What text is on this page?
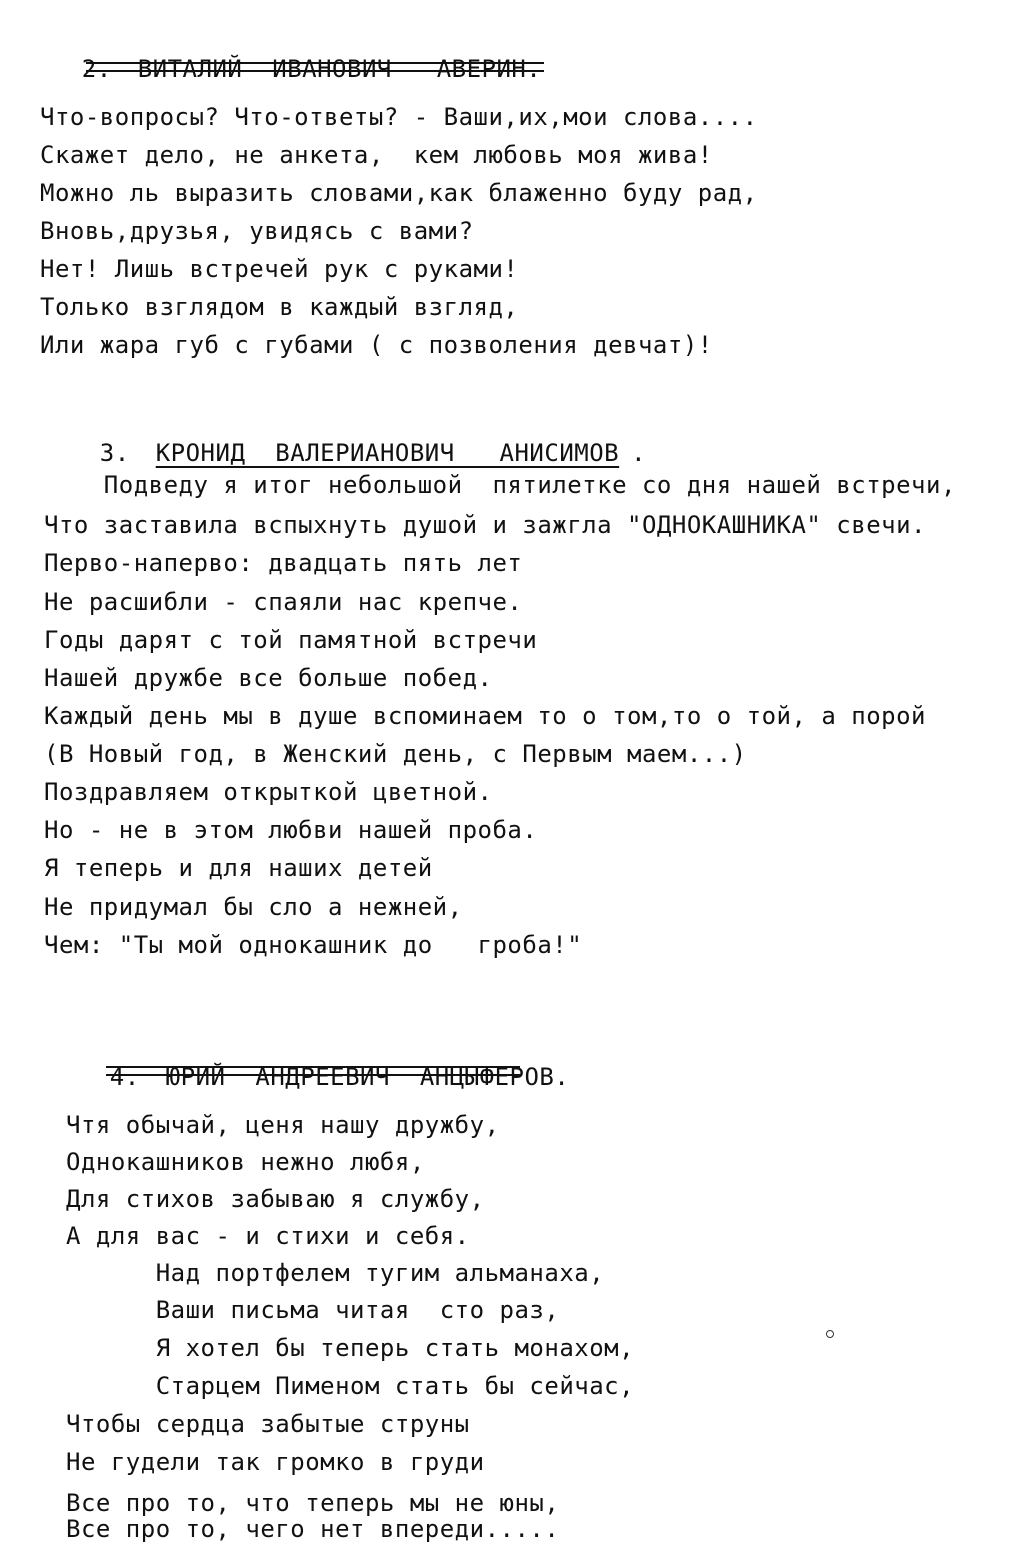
2. ВИТАЛИЙ  ИВАНОВИЧ   АВЕРИН.

Что-вопросы? Что-ответы? - Ваши,их,мои слова....
Скажет дело, не анкета,  кем любовь моя жива!
Можно ль выразить словами,как блаженно буду рад,
Вновь,друзья, увидясь с вами?
Нет! Лишь встречей рук с руками!
Только взглядом в каждый взгляд,
Или жара губ с губами ( с позволения девчат)!

3. КРОНИД  ВАЛЕРИАНОВИЧ   АНИСИМОВ .

Подведу я итог небольшой  пятилетке со дня нашей встречи,
Что заставила вспыхнуть душой и зажгла "ОДНОКАШНИКА" свечи.
Перво-наперво: двадцать пять лет
Не расшибли - спаяли нас крепче.
Годы дарят с той памятной встречи
Нашей дружбе все больше побед.
Каждый день мы в душе вспоминаем то о том,то о той, а порой
(В Новый год, в Женский день, с Первым маем...)
Поздравляем открыткой цветной.
Но - не в этом любви нашей проба.
Я теперь и для наших детей
Не придумал бы сло а нежней,
Чем: "Ты мой однокашник до   гроба!"

4. ЮРИЙ  АНДРЕЕВИЧ  АНЦЫФЕРОВ.

Чтя обычай, ценя нашу дружбу,
Однокашников нежно любя,
Для стихов забываю я службу,
А для вас - и стихи и себя.
Над портфелем тугим альманаха,
Ваши письма читая  сто раз,
Я хотел бы теперь стать монахом,
Старцем Пименом стать бы сейчас,
Чтобы сердца забытые струны
Не гудели так громко в груди
Все про то, что теперь мы не юны,
Все про то, чего нет впереди.....
